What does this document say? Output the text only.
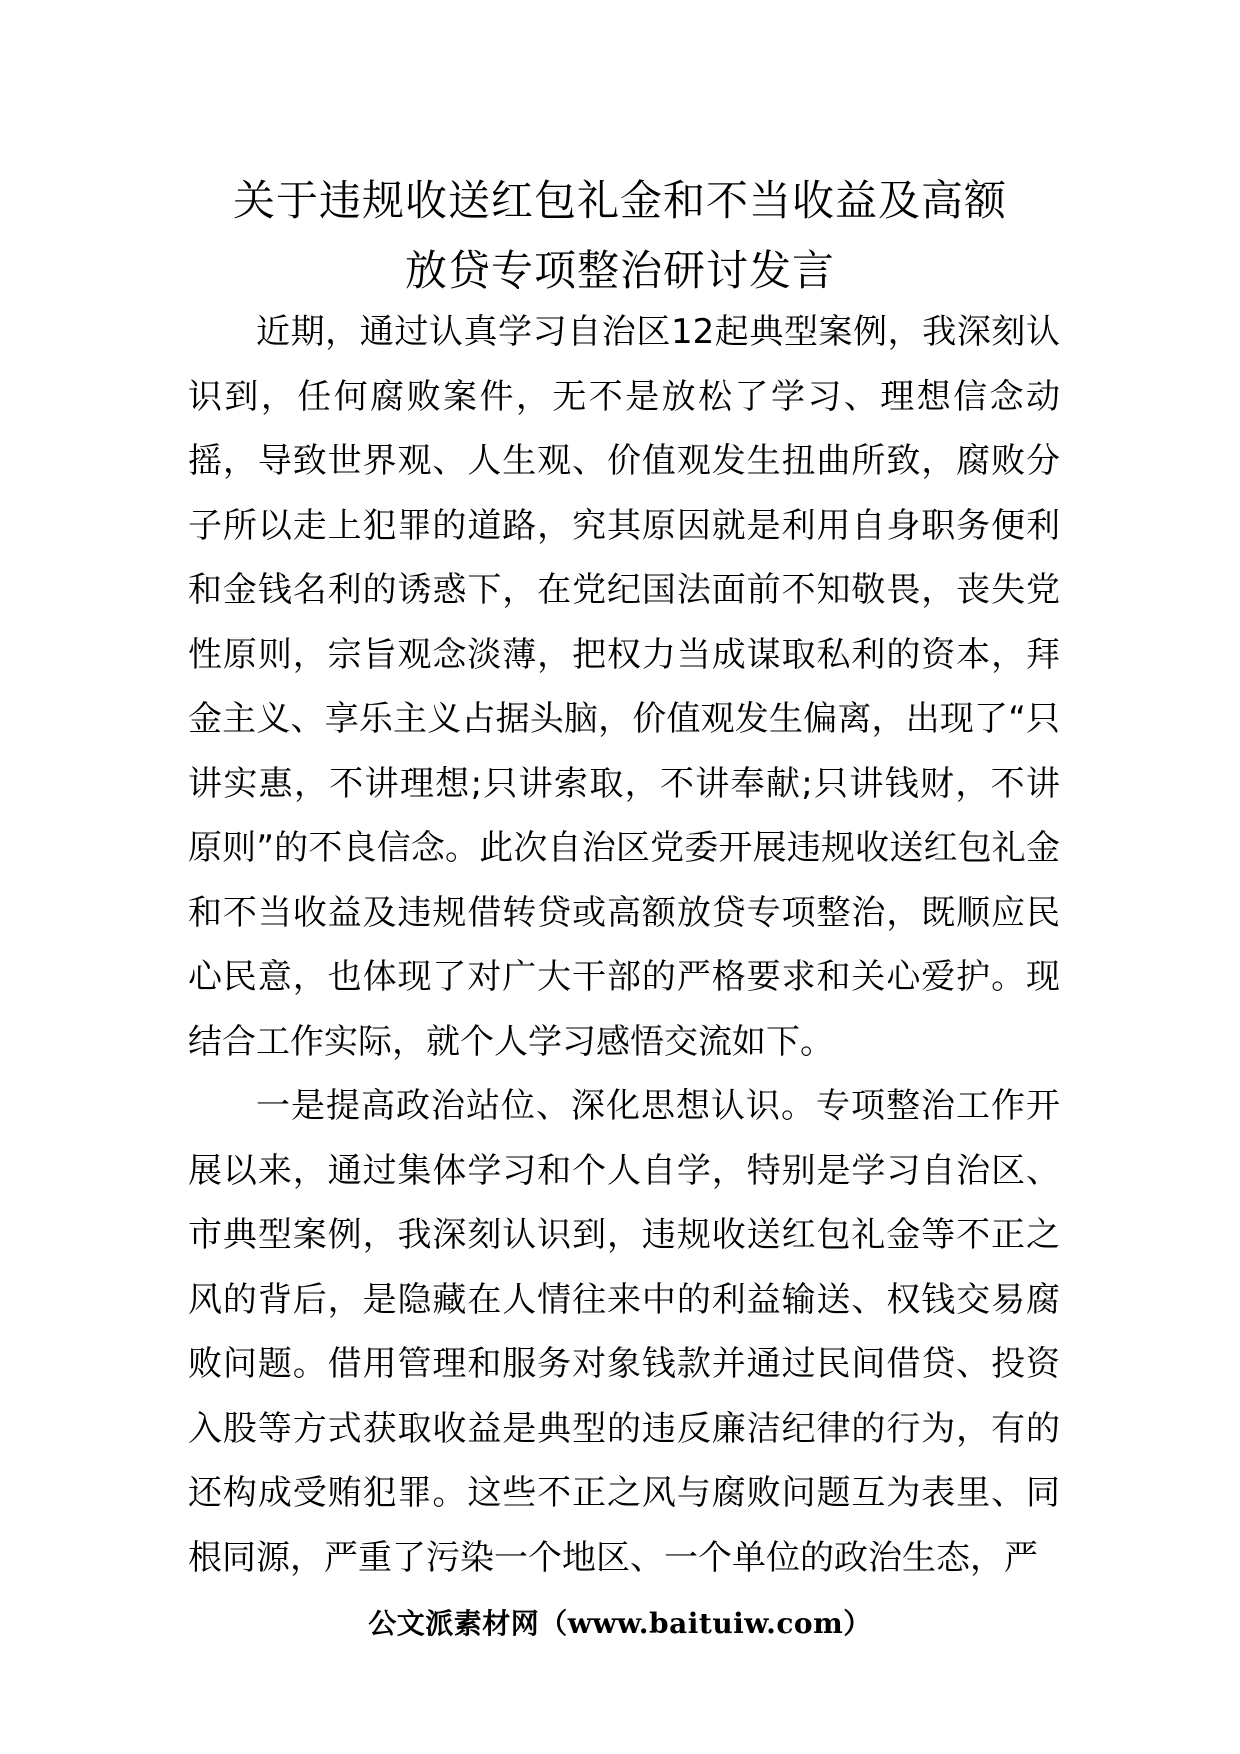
关于违规收送红包礼金和不当收益及高额
放贷专项整治研讨发言

近期，通过认真学习自治区12起典型案例，我深刻认识到，任何腐败案件，无不是放松了学习、理想信念动摇，导致世界观、人生观、价值观发生扭曲所致，腐败分子所以走上犯罪的道路，究其原因就是利用自身职务便利和金钱名利的诱惑下，在党纪国法面前不知敬畏，丧失党性原则，宗旨观念淡薄，把权力当成谋取私利的资本，拜金主义、享乐主义占据头脑，价值观发生偏离，出现了“只讲实惠，不讲理想;只讲索取，不讲奉献;只讲钱财，不讲原则”的不良信念。此次自治区党委开展违规收送红包礼金和不当收益及违规借转贷或高额放贷专项整治，既顺应民心民意，也体现了对广大干部的严格要求和关心爱护。现结合工作实际，就个人学习感悟交流如下。

一是提高政治站位、深化思想认识。专项整治工作开展以来，通过集体学习和个人自学，特别是学习自治区、市典型案例，我深刻认识到，违规收送红包礼金等不正之风的背后，是隐藏在人情往来中的利益输送、权钱交易腐败问题。借用管理和服务对象钱款并通过民间借贷、投资入股等方式获取收益是典型的违反廉洁纪律的行为，有的还构成受贿犯罪。这些不正之风与腐败问题互为表里、同根同源，严重了污染一个地区、一个单位的政治生态，严

公文派素材网（www.baituiw.com）
